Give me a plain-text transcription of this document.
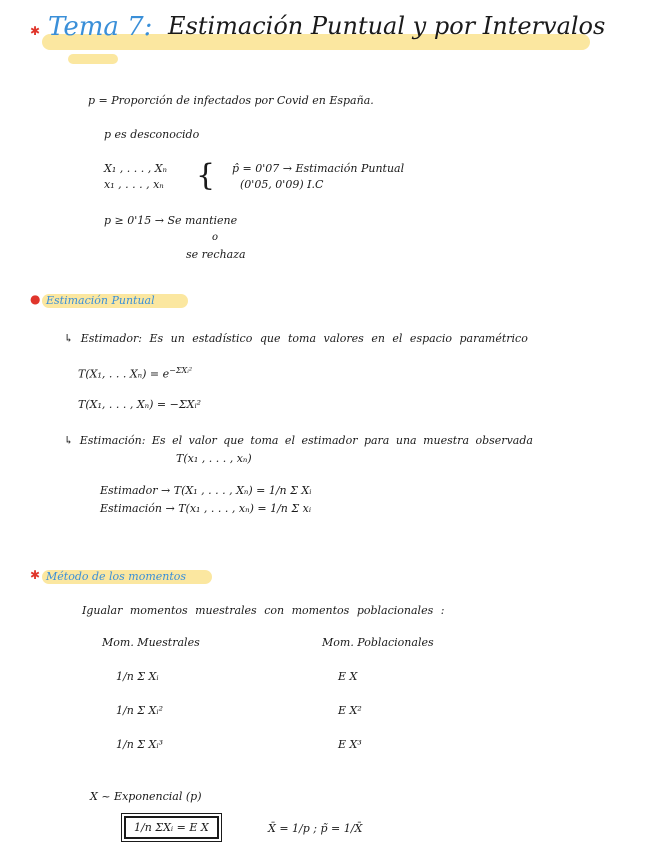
✱ Tema 7: Estimación Puntual y por Intervalos
p = Proporción de infectados por Covid en España.
p es desconocido
X₁ , . . . , Xₙ
x₁ , . . . , xₙ { p̂ = 0'07 → Estimación Puntual
(0'05, 0'09) I.C
p ≥ 0'15 → Se mantiene
o
se rechaza
● Estimación Puntual
↳ Estimador: Es un estadístico que toma valores en el espacio paramétrico
T(X₁, . . . $X_n) = e^{-\Sigma Xᵢ^2}$
T(X₁, . . . , Xₙ) = −ΣXᵢ²
↳ Estimación: Es el valor que toma el estimador para una muestra observada
T(x₁ , . . . , xₙ)
Estimador → T(X₁ , . . . , Xₙ) = 1/n Σ Xᵢ
Estimación → T(x₁ , . . . , xₙ) = 1/n Σ xᵢ
✱ Método de los momentos
Igualar momentos muestrales con momentos poblacionales :
Mom. Muestrales	Mom. Poblacionales
1/n Σ Xᵢ	E X
1/n Σ Xᵢ²	E X²
1/n Σ Xᵢ³	E X³
X ~ Exponencial (p)
1/n ΣXᵢ = E X	X̄ = 1/p ; p̃ = 1/X̄
